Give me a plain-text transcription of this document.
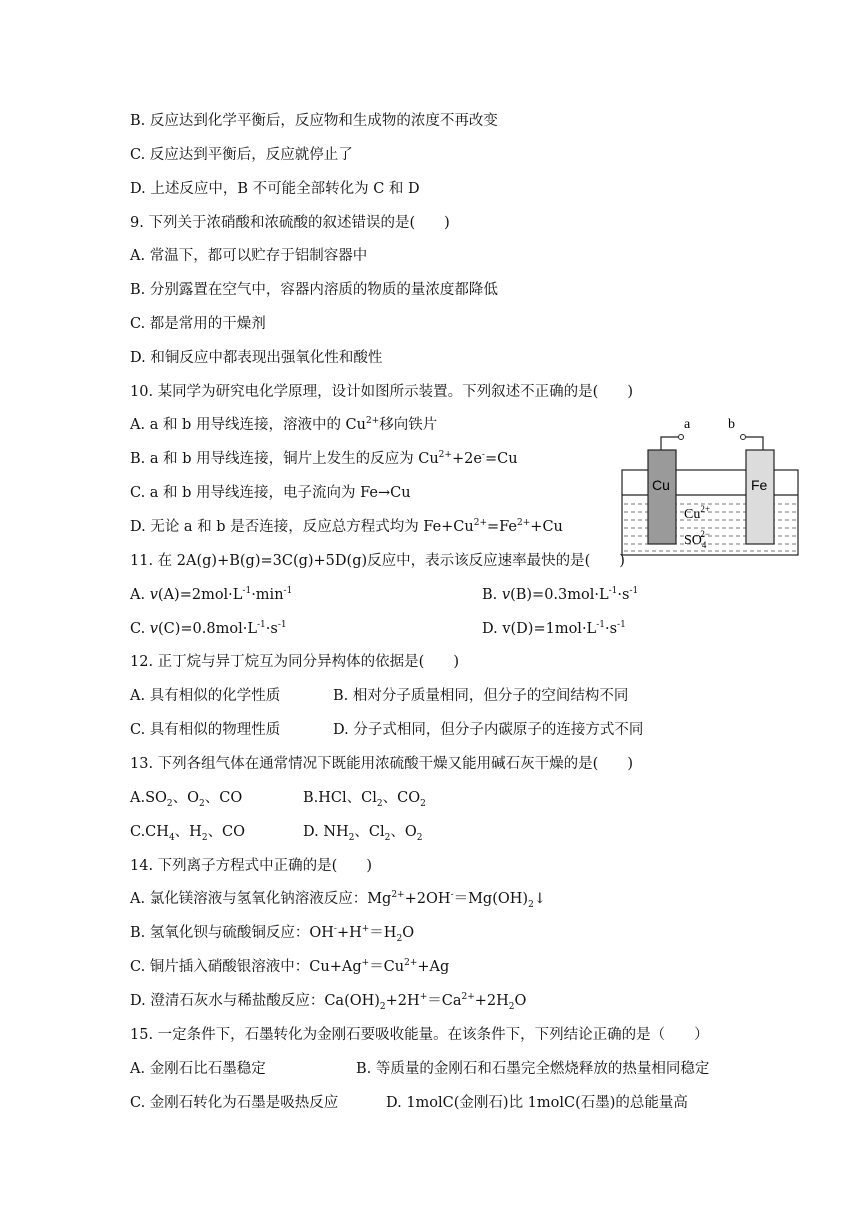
B. 反应达到化学平衡后，反应物和生成物的浓度不再改变
C. 反应达到平衡后，反应就停止了
D. 上述反应中，B 不可能全部转化为 C 和 D
9. 下列关于浓硝酸和浓硫酸的叙述错误的是(　　)
A. 常温下，都可以贮存于铝制容器中
B. 分别露置在空气中，容器内溶质的物质的量浓度都降低
C. 都是常用的干燥剂
D. 和铜反应中都表现出强氧化性和酸性
10. 某同学为研究电化学原理，设计如图所示装置。下列叙述不正确的是(　　)
A. a 和 b 用导线连接，溶液中的 $Cu^{2+}$移向铁片
B. a 和 b 用导线连接，铜片上发生的反应为 $Cu^{2+}+2e^-=Cu$
C. a 和 b 用导线连接，电子流向为 Fe→Cu
D. 无论 a 和 b 是否连接，反应总方程式均为 $Fe+Cu^{2+}=Fe^{2+}+Cu$
a	b
Cu	Fe
$Cu^{2+}$
$SO_42-$
11. 在 2A(g)+B(g)=3C(g)+5D(g)反应中，表示该反应速率最快的是(　　)
A. $v(A)=2mol\cdot L^{-1}\cdot\min^{-1}$	B. $v(B)=0.3mol\cdot L^{-1}\cdot s^{-1}$
C. $v(C)=0.8mol\cdot L^{-1}\cdot s^{-1}$	D. $v(D)=1mol\cdot L^{-1}\cdot s^{-1}$
12. 正丁烷与异丁烷互为同分异构体的依据是(　　)
A. 具有相似的化学性质	B. 相对分子质量相同，但分子的空间结构不同
C. 具有相似的物理性质	D. 分子式相同，但分子内碳原子的连接方式不同
13. 下列各组气体在通常情况下既能用浓硫酸干燥又能用碱石灰干燥的是(　　)
$A.SO_2$、$O_2$、CO	B.HCl、$Cl_2$、$CO_2$
$C.CH_4$、$H_2$、CO	D. $NH_2$、$Cl_2$、$O_2$
14. 下列离子方程式中正确的是(　　)
A. 氯化镁溶液与氢氧化钠溶液反应：$Mg^{2+}+2OH^-=Mg(OH)_2↓$
B. 氢氧化钡与硫酸铜反应：$OH^-+H^+=H_2O$
C. 铜片插入硝酸银溶液中：$Cu+Ag^+=Cu^{2+}+Ag$
D. 澄清石灰水与稀盐酸反应：$Ca(OH)_2+2H^+=Ca^{2+}+2H_2O$
15. 一定条件下，石墨转化为金刚石要吸收能量。在该条件下，下列结论正确的是（　　）
A. 金刚石比石墨稳定	B. 等质量的金刚石和石墨完全燃烧释放的热量相同稳定
C. 金刚石转化为石墨是吸热反应	D. 1molC(金刚石)比 1molC(石墨)的总能量高
